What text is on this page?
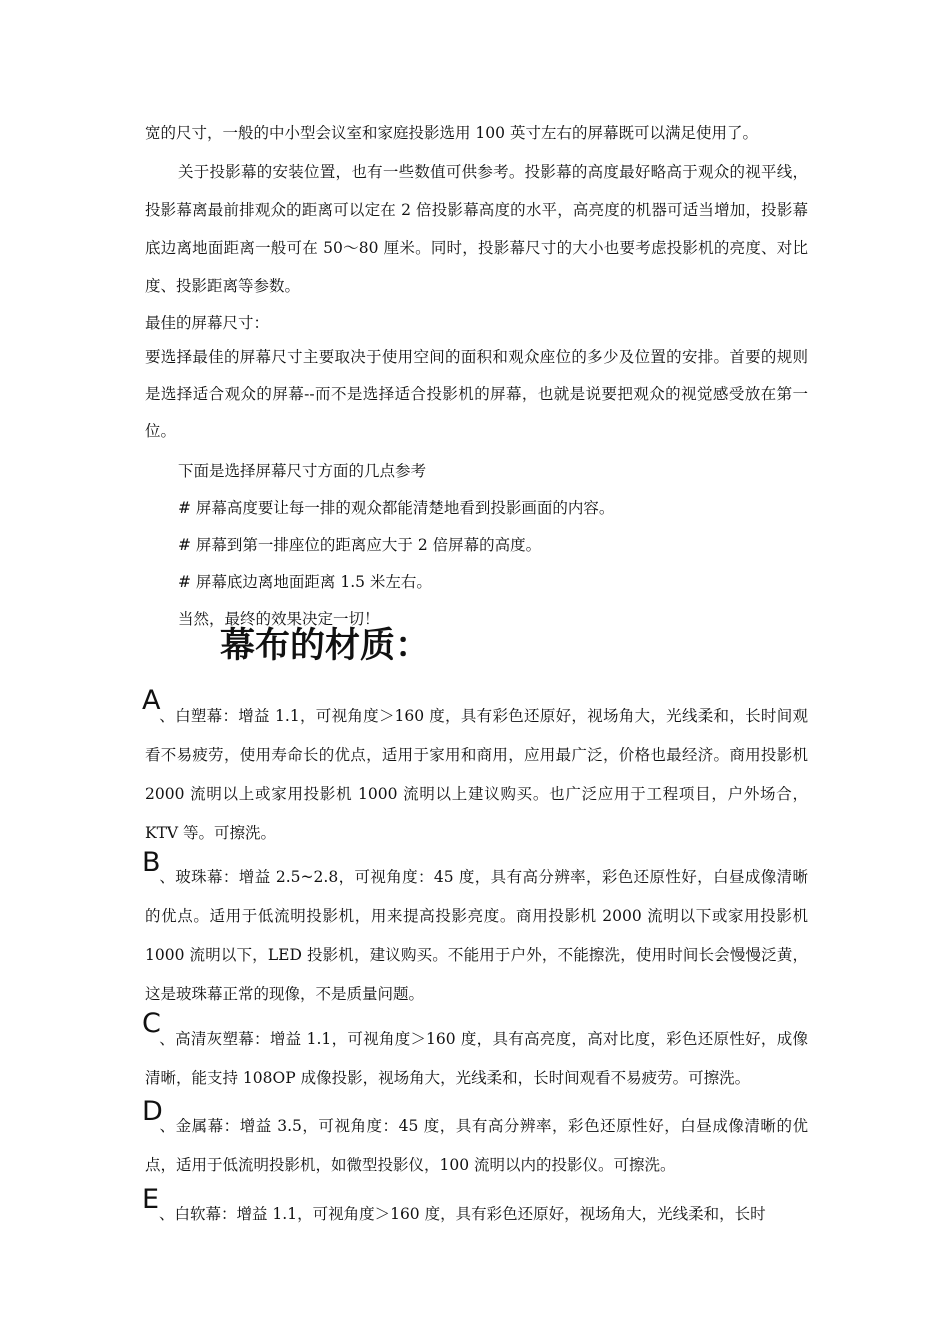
宽的尺寸，一般的中小型会议室和家庭投影选用 100 英寸左右的屏幕既可以满足使用了。

关于投影幕的安装位置，也有一些数值可供参考。投影幕的高度最好略高于观众的视平线，投影幕离最前排观众的距离可以定在 2 倍投影幕高度的水平，高亮度的机器可适当增加，投影幕底边离地面距离一般可在 50～80 厘米。同时，投影幕尺寸的大小也要考虑投影机的亮度、对比度、投影距离等参数。

最佳的屏幕尺寸：

要选择最佳的屏幕尺寸主要取决于使用空间的面积和观众座位的多少及位置的安排。首要的规则是选择适合观众的屏幕--而不是选择适合投影机的屏幕，也就是说要把观众的视觉感受放在第一位。

下面是选择屏幕尺寸方面的几点参考

# 屏幕高度要让每一排的观众都能清楚地看到投影画面的内容。

# 屏幕到第一排座位的距离应大于 2 倍屏幕的高度。

# 屏幕底边离地面距离 1.5 米左右。

当然，最终的效果决定一切！

幕布的材质：
A

、白塑幕：增益 1.1，可视角度＞160 度，具有彩色还原好，视场角大，光线柔和，长时间观看不易疲劳，使用寿命长的优点，适用于家用和商用，应用最广泛，价格也最经济。商用投影机 2000 流明以上或家用投影机 1000 流明以上建议购买。也广泛应用于工程项目，户外场合，KTV 等。可擦洗。

B

、玻珠幕：增益 2.5~2.8，可视角度：45 度，具有高分辨率，彩色还原性好，白昼成像清晰的优点。适用于低流明投影机，用来提高投影亮度。商用投影机 2000 流明以下或家用投影机 1000 流明以下，LED 投影机，建议购买。不能用于户外，不能擦洗，使用时间长会慢慢泛黄，这是玻珠幕正常的现像，不是质量问题。

C

、高清灰塑幕：增益 1.1，可视角度＞160 度，具有高亮度，高对比度，彩色还原性好，成像清晰，能支持 108OP 成像投影，视场角大，光线柔和，长时间观看不易疲劳。可擦洗。

D

、金属幕：增益 3.5，可视角度：45 度，具有高分辨率，彩色还原性好，白昼成像清晰的优点，适用于低流明投影机，如微型投影仪，100 流明以内的投影仪。可擦洗。

E 、白软幕：增益 1.1，可视角度＞160 度，具有彩色还原好，视场角大，光线柔和，长时
